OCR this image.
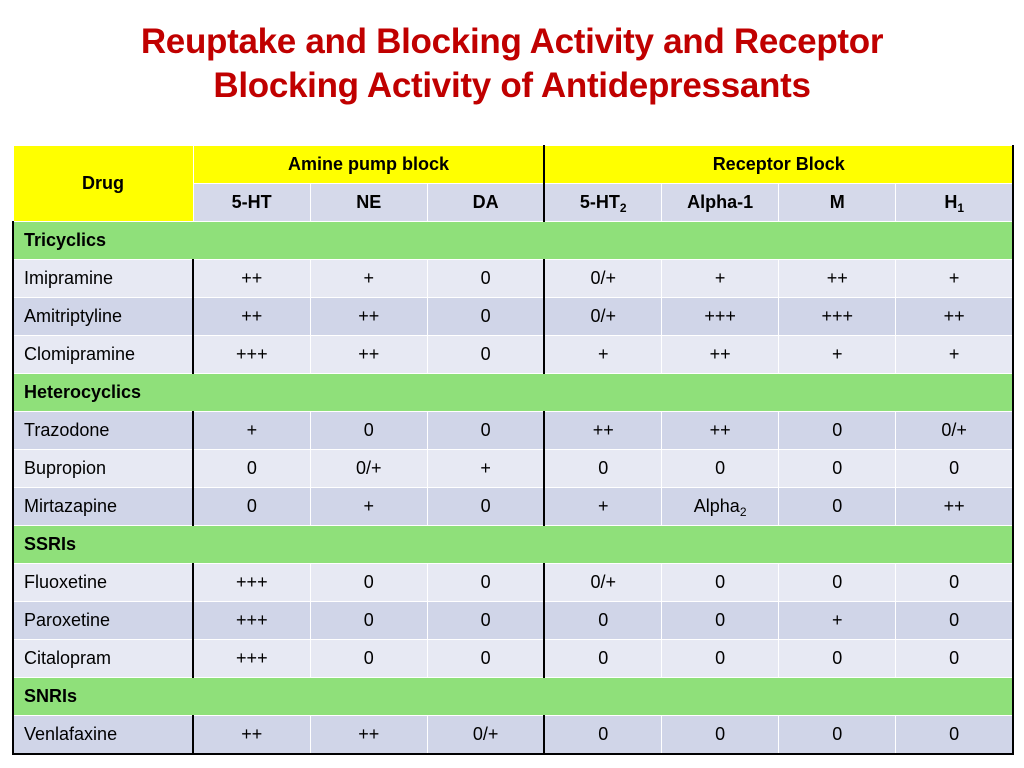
Reuptake and Blocking Activity and Receptor
Blocking Activity of Antidepressants
Drug	Amine pump block			Receptor Block			
	5-HT	NE	DA	$5-HT_2$	Alpha-1	M	$H_1$
Tricyclics							
Imipramine	++	+	0	0/+	+	++	+
Amitriptyline	++	++	0	0/+	+++	+++	++
Clomipramine	+++	++	0	+	++	+	+
Heterocyclics							
Trazodone	+	0	0	++	++	0	0/+
Bupropion	0	0/+	+	0	0	0	0
Mirtazapine	0	+	0	+	Alpha$_2$	0	++
SSRIs							
Fluoxetine	+++	0	0	0/+	0	0	0
Paroxetine	+++	0	0	0	0	+	0
Citalopram	+++	0	0	0	0	0	0
SNRIs							
Venlafaxine	++	++	0/+	0	0	0	0
